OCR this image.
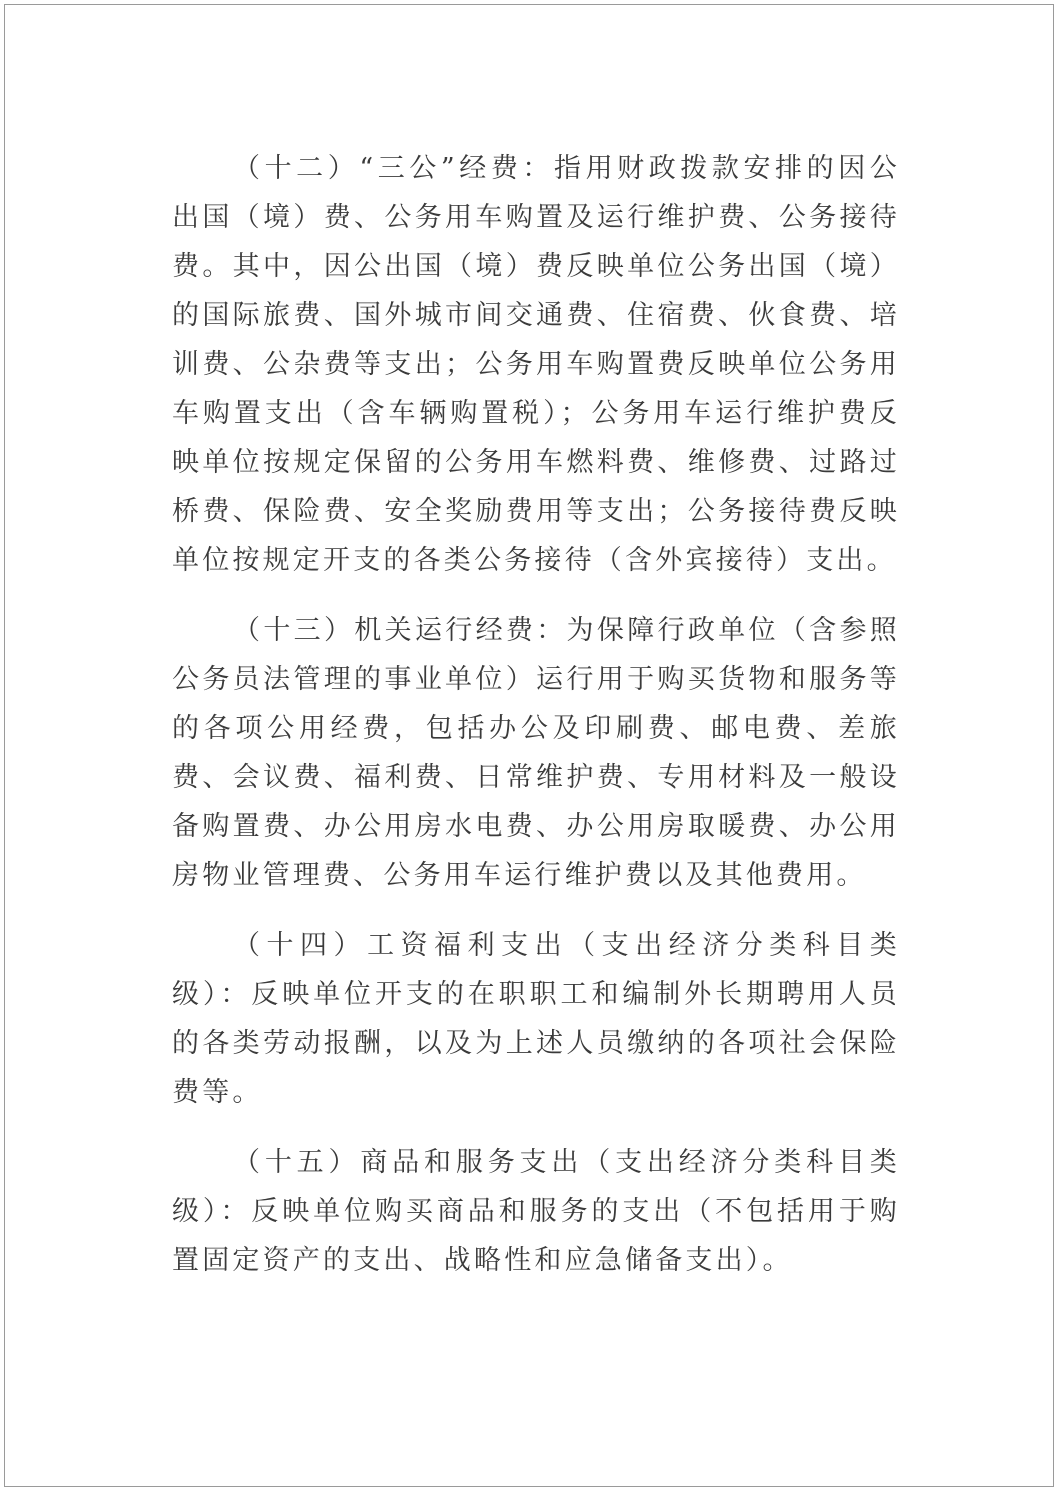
（十二）“三公”经费：指用财政拨款安排的因公出国（境）费、公务用车购置及运行维护费、公务接待费。其中，因公出国（境）费反映单位公务出国（境）的国际旅费、国外城市间交通费、住宿费、伙食费、培训费、公杂费等支出；公务用车购置费反映单位公务用车购置支出（含车辆购置税）；公务用车运行维护费反映单位按规定保留的公务用车燃料费、维修费、过路过桥费、保险费、安全奖励费用等支出；公务接待费反映单位按规定开支的各类公务接待（含外宾接待）支出。

（十三）机关运行经费：为保障行政单位（含参照公务员法管理的事业单位）运行用于购买货物和服务等的各项公用经费，包括办公及印刷费、邮电费、差旅费、会议费、福利费、日常维护费、专用材料及一般设备购置费、办公用房水电费、办公用房取暖费、办公用房物业管理费、公务用车运行维护费以及其他费用。

（十四）工资福利支出（支出经济分类科目类级）：反映单位开支的在职职工和编制外长期聘用人员的各类劳动报酬，以及为上述人员缴纳的各项社会保险费等。

（十五）商品和服务支出（支出经济分类科目类级）：反映单位购买商品和服务的支出（不包括用于购置固定资产的支出、战略性和应急储备支出）。
